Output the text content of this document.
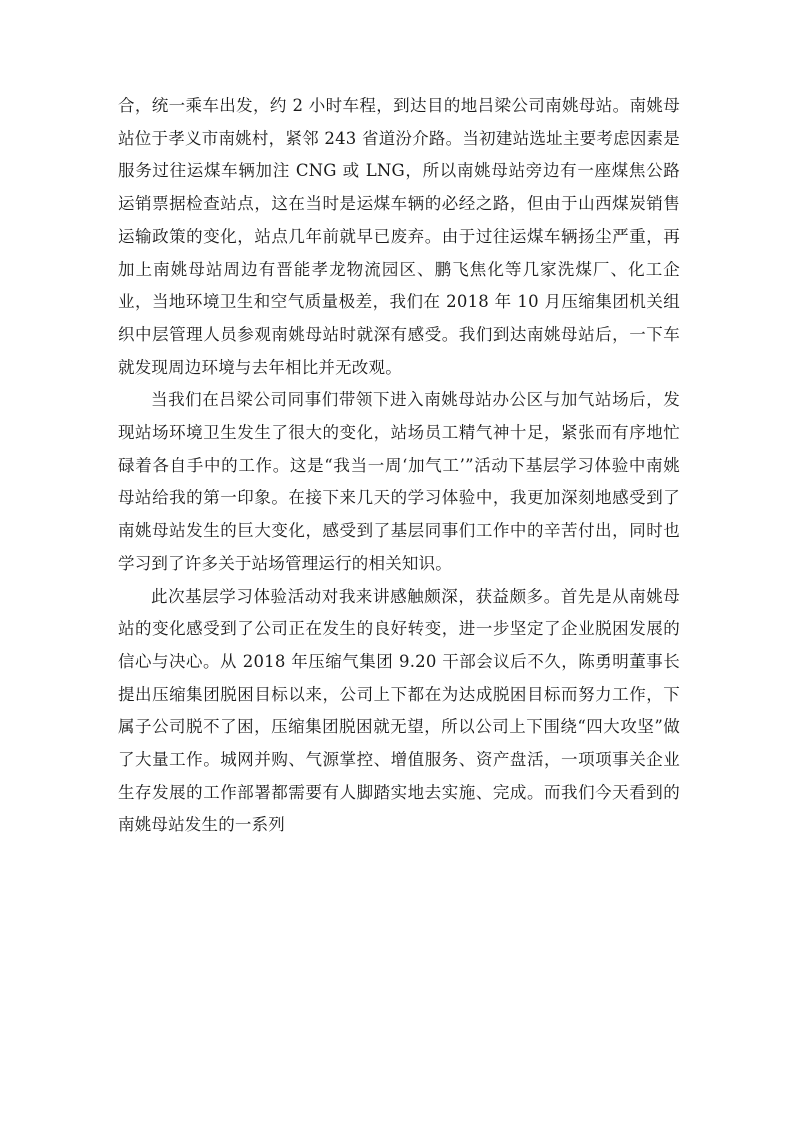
合，统一乘车出发，约 2 小时车程，到达目的地吕梁公司南姚母站。南姚母站位于孝义市南姚村，紧邻 243 省道汾介路。当初建站选址主要考虑因素是服务过往运煤车辆加注 CNG 或 LNG，所以南姚母站旁边有一座煤焦公路运销票据检查站点，这在当时是运煤车辆的必经之路，但由于山西煤炭销售运输政策的变化，站点几年前就早已废弃。由于过往运煤车辆扬尘严重，再加上南姚母站周边有晋能孝龙物流园区、鹏飞焦化等几家洗煤厂、化工企业，当地环境卫生和空气质量极差，我们在 2018 年 10 月压缩集团机关组织中层管理人员参观南姚母站时就深有感受。我们到达南姚母站后，一下车就发现周边环境与去年相比并无改观。

当我们在吕梁公司同事们带领下进入南姚母站办公区与加气站场后，发现站场环境卫生发生了很大的变化，站场员工精气神十足，紧张而有序地忙碌着各自手中的工作。这是“我当一周‘加气工’”活动下基层学习体验中南姚母站给我的第一印象。在接下来几天的学习体验中，我更加深刻地感受到了南姚母站发生的巨大变化，感受到了基层同事们工作中的辛苦付出，同时也学习到了许多关于站场管理运行的相关知识。

此次基层学习体验活动对我来讲感触颇深，获益颇多。首先是从南姚母站的变化感受到了公司正在发生的良好转变，进一步坚定了企业脱困发展的信心与决心。从 2018 年压缩气集团 9.20 干部会议后不久，陈勇明董事长提出压缩集团脱困目标以来，公司上下都在为达成脱困目标而努力工作，下属子公司脱不了困，压缩集团脱困就无望，所以公司上下围绕“四大攻坚”做了大量工作。城网并购、气源掌控、增值服务、资产盘活，一项项事关企业生存发展的工作部署都需要有人脚踏实地去实施、完成。而我们今天看到的南姚母站发生的一系列
